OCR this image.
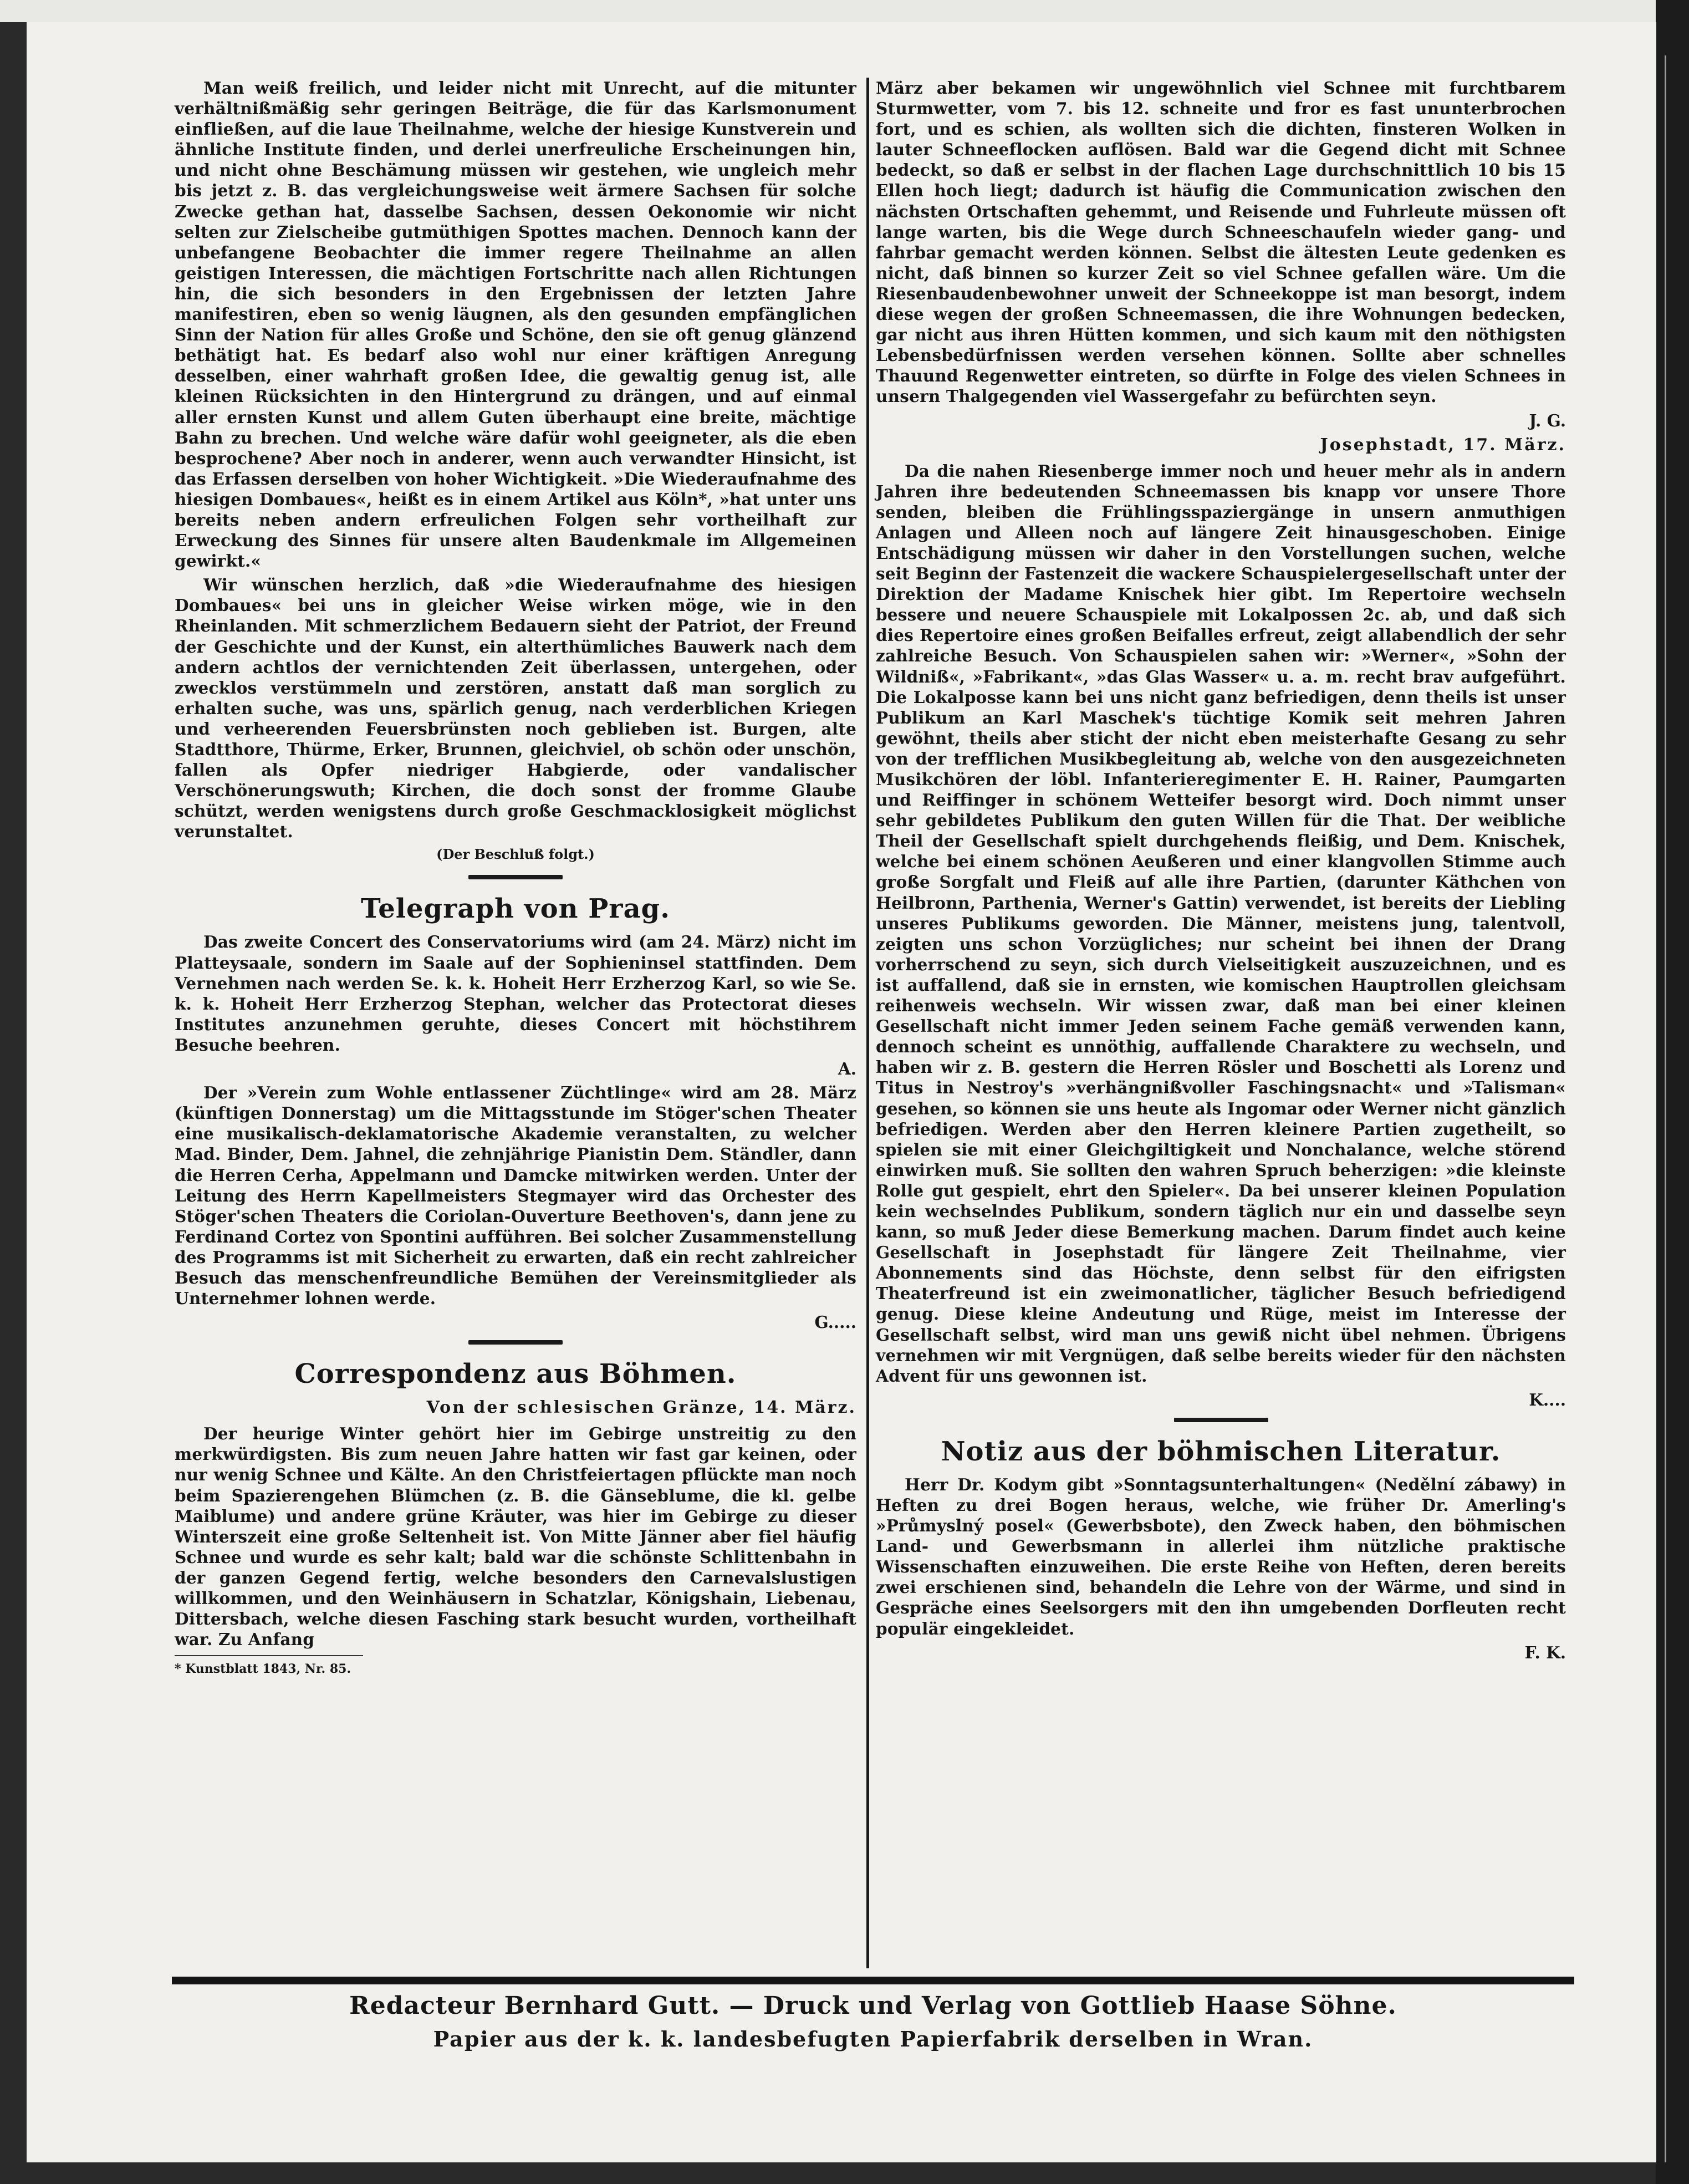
Man weiß freilich, und leider nicht mit Unrecht, auf die mitunter verhältnißmäßig sehr geringen Beiträge, die für das Karlsmonument einfließen, auf die laue Theilnahme, welche der hiesige Kunstverein und ähnliche Institute finden, und derlei unerfreuliche Erscheinungen hin, und nicht ohne Beschämung müssen wir gestehen, wie ungleich mehr bis jetzt z. B. das vergleichungsweise weit ärmere Sachsen für solche Zwecke gethan hat, dasselbe Sachsen, dessen Oekonomie wir nicht selten zur Zielscheibe gutmüthigen Spottes machen. Dennoch kann der unbefangene Beobachter die immer regere Theilnahme an allen geistigen Interessen, die mächtigen Fortschritte nach allen Richtungen hin, die sich besonders in den Ergebnissen der letzten Jahre manifestiren, eben so wenig läugnen, als den gesunden empfänglichen Sinn der Nation für alles Große und Schöne, den sie oft genug glänzend bethätigt hat. Es bedarf also wohl nur einer kräftigen Anregung desselben, einer wahrhaft großen Idee, die gewaltig genug ist, alle kleinen Rücksichten in den Hintergrund zu drängen, und auf einmal aller ernsten Kunst und allem Guten überhaupt eine breite, mächtige Bahn zu brechen. Und welche wäre dafür wohl geeigneter, als die eben besprochene? Aber noch in anderer, wenn auch verwandter Hinsicht, ist das Erfassen derselben von hoher Wichtigkeit. »Die Wiederaufnahme des hiesigen Dombaues«, heißt es in einem Artikel aus Köln*, »hat unter uns bereits neben andern erfreulichen Folgen sehr vortheilhaft zur Erweckung des Sinnes für unsere alten Baudenkmale im Allgemeinen gewirkt.«

Wir wünschen herzlich, daß »die Wiederaufnahme des hiesigen Dombaues« bei uns in gleicher Weise wirken möge, wie in den Rheinlanden. Mit schmerzlichem Bedauern sieht der Patriot, der Freund der Geschichte und der Kunst, ein alterthümliches Bauwerk nach dem andern achtlos der vernichtenden Zeit überlassen, untergehen, oder zwecklos verstümmeln und zerstören, anstatt daß man sorglich zu erhalten suche, was uns, spärlich genug, nach verderblichen Kriegen und verheerenden Feuersbrünsten noch geblieben ist. Burgen, alte Stadtthore, Thürme, Erker, Brunnen, gleichviel, ob schön oder unschön, fallen als Opfer niedriger Habgierde, oder vandalischer Verschönerungswuth; Kirchen, die doch sonst der fromme Glaube schützt, werden wenigstens durch große Geschmacklosigkeit möglichst verunstaltet.

(Der Beschluß folgt.)
Telegraph von Prag.

Das zweite Concert des Conservatoriums wird (am 24. März) nicht im Platteysaale, sondern im Saale auf der Sophieninsel stattfinden. Dem Vernehmen nach werden Se. k. k. Hoheit Herr Erzherzog Karl, so wie Se. k. k. Hoheit Herr Erzherzog Stephan, welcher das Protectorat dieses Institutes anzunehmen geruhte, dieses Concert mit höchstihrem Besuche beehren.

A.

Der »Verein zum Wohle entlassener Züchtlinge« wird am 28. März (künftigen Donnerstag) um die Mittagsstunde im Stöger'schen Theater eine musikalisch-deklamatorische Akademie veranstalten, zu welcher Mad. Binder, Dem. Jahnel, die zehnjährige Pianistin Dem. Ständler, dann die Herren Cerha, Appelmann und Damcke mitwirken werden. Unter der Leitung des Herrn Kapellmeisters Stegmayer wird das Orchester des Stöger'schen Theaters die Coriolan-Ouverture Beethoven's, dann jene zu Ferdinand Cortez von Spontini aufführen. Bei solcher Zusammenstellung des Programms ist mit Sicherheit zu erwarten, daß ein recht zahlreicher Besuch das menschenfreundliche Bemühen der Vereinsmitglieder als Unternehmer lohnen werde.

G.....
Correspondenz aus Böhmen.
Von der schlesischen Gränze, 14. März.

Der heurige Winter gehört hier im Gebirge unstreitig zu den merkwürdigsten. Bis zum neuen Jahre hatten wir fast gar keinen, oder nur wenig Schnee und Kälte. An den Christfeiertagen pflückte man noch beim Spazierengehen Blümchen (z. B. die Gänseblume, die kl. gelbe Maiblume) und andere grüne Kräuter, was hier im Gebirge zu dieser Winterszeit eine große Seltenheit ist. Von Mitte Jänner aber fiel häufig Schnee und wurde es sehr kalt; bald war die schönste Schlittenbahn in der ganzen Gegend fertig, welche besonders den Carnevalslustigen willkommen, und den Weinhäusern in Schatzlar, Königshain, Liebenau, Dittersbach, welche diesen Fasching stark besucht wurden, vortheilhaft war. Zu Anfang

* Kunstblatt 1843, Nr. 85.

März aber bekamen wir ungewöhnlich viel Schnee mit furchtbarem Sturmwetter, vom 7. bis 12. schneite und fror es fast ununterbrochen fort, und es schien, als wollten sich die dichten, finsteren Wolken in lauter Schneeflocken auflösen. Bald war die Gegend dicht mit Schnee bedeckt, so daß er selbst in der flachen Lage durchschnittlich 10 bis 15 Ellen hoch liegt; dadurch ist häufig die Communication zwischen den nächsten Ortschaften gehemmt, und Reisende und Fuhrleute müssen oft lange warten, bis die Wege durch Schneeschaufeln wieder gang- und fahrbar gemacht werden können. Selbst die ältesten Leute gedenken es nicht, daß binnen so kurzer Zeit so viel Schnee gefallen wäre. Um die Riesenbaudenbewohner unweit der Schneekoppe ist man besorgt, indem diese wegen der großen Schneemassen, die ihre Wohnungen bedecken, gar nicht aus ihren Hütten kommen, und sich kaum mit den nöthigsten Lebensbedürfnissen werden versehen können. Sollte aber schnelles Thauund Regenwetter eintreten, so dürfte in Folge des vielen Schnees in unsern Thalgegenden viel Wassergefahr zu befürchten seyn.

J. G.
Josephstadt, 17. März.

Da die nahen Riesenberge immer noch und heuer mehr als in andern Jahren ihre bedeutenden Schneemassen bis knapp vor unsere Thore senden, bleiben die Frühlingsspaziergänge in unsern anmuthigen Anlagen und Alleen noch auf längere Zeit hinausgeschoben. Einige Entschädigung müssen wir daher in den Vorstellungen suchen, welche seit Beginn der Fastenzeit die wackere Schauspielergesellschaft unter der Direktion der Madame Knischek hier gibt. Im Repertoire wechseln bessere und neuere Schauspiele mit Lokalpossen 2c. ab, und daß sich dies Repertoire eines großen Beifalles erfreut, zeigt allabendlich der sehr zahlreiche Besuch. Von Schauspielen sahen wir: »Werner«, »Sohn der Wildniß«, »Fabrikant«, »das Glas Wasser« u. a. m. recht brav aufgeführt. Die Lokalposse kann bei uns nicht ganz befriedigen, denn theils ist unser Publikum an Karl Maschek's tüchtige Komik seit mehren Jahren gewöhnt, theils aber sticht der nicht eben meisterhafte Gesang zu sehr von der trefflichen Musikbegleitung ab, welche von den ausgezeichneten Musikchören der löbl. Infanterieregimenter E. H. Rainer, Paumgarten und Reiffinger in schönem Wetteifer besorgt wird. Doch nimmt unser sehr gebildetes Publikum den guten Willen für die That. Der weibliche Theil der Gesellschaft spielt durchgehends fleißig, und Dem. Knischek, welche bei einem schönen Aeußeren und einer klangvollen Stimme auch große Sorgfalt und Fleiß auf alle ihre Partien, (darunter Käthchen von Heilbronn, Parthenia, Werner's Gattin) verwendet, ist bereits der Liebling unseres Publikums geworden. Die Männer, meistens jung, talentvoll, zeigten uns schon Vorzügliches; nur scheint bei ihnen der Drang vorherrschend zu seyn, sich durch Vielseitigkeit auszuzeichnen, und es ist auffallend, daß sie in ernsten, wie komischen Hauptrollen gleichsam reihenweis wechseln. Wir wissen zwar, daß man bei einer kleinen Gesellschaft nicht immer Jeden seinem Fache gemäß verwenden kann, dennoch scheint es unnöthig, auffallende Charaktere zu wechseln, und haben wir z. B. gestern die Herren Rösler und Boschetti als Lorenz und Titus in Nestroy's »verhängnißvoller Faschingsnacht« und »Talisman« gesehen, so können sie uns heute als Ingomar oder Werner nicht gänzlich befriedigen. Werden aber den Herren kleinere Partien zugetheilt, so spielen sie mit einer Gleichgiltigkeit und Nonchalance, welche störend einwirken muß. Sie sollten den wahren Spruch beherzigen: »die kleinste Rolle gut gespielt, ehrt den Spieler«. Da bei unserer kleinen Population kein wechselndes Publikum, sondern täglich nur ein und dasselbe seyn kann, so muß Jeder diese Bemerkung machen. Darum findet auch keine Gesellschaft in Josephstadt für längere Zeit Theilnahme, vier Abonnements sind das Höchste, denn selbst für den eifrigsten Theaterfreund ist ein zweimonatlicher, täglicher Besuch befriedigend genug. Diese kleine Andeutung und Rüge, meist im Interesse der Gesellschaft selbst, wird man uns gewiß nicht übel nehmen. Übrigens vernehmen wir mit Vergnügen, daß selbe bereits wieder für den nächsten Advent für uns gewonnen ist.

K....
Notiz aus der böhmischen Literatur.

Herr Dr. Kodym gibt »Sonntagsunterhaltungen« (Nedělní zábawy) in Heften zu drei Bogen heraus, welche, wie früher Dr. Amerling's »Průmyslný posel« (Gewerbsbote), den Zweck haben, den böhmischen Land- und Gewerbsmann in allerlei ihm nützliche praktische Wissenschaften einzuweihen. Die erste Reihe von Heften, deren bereits zwei erschienen sind, behandeln die Lehre von der Wärme, und sind in Gespräche eines Seelsorgers mit den ihn umgebenden Dorfleuten recht populär eingekleidet.

F. K.
Redacteur Bernhard Gutt. — Druck und Verlag von Gottlieb Haase Söhne.
Papier aus der k. k. landesbefugten Papierfabrik derselben in Wran.
